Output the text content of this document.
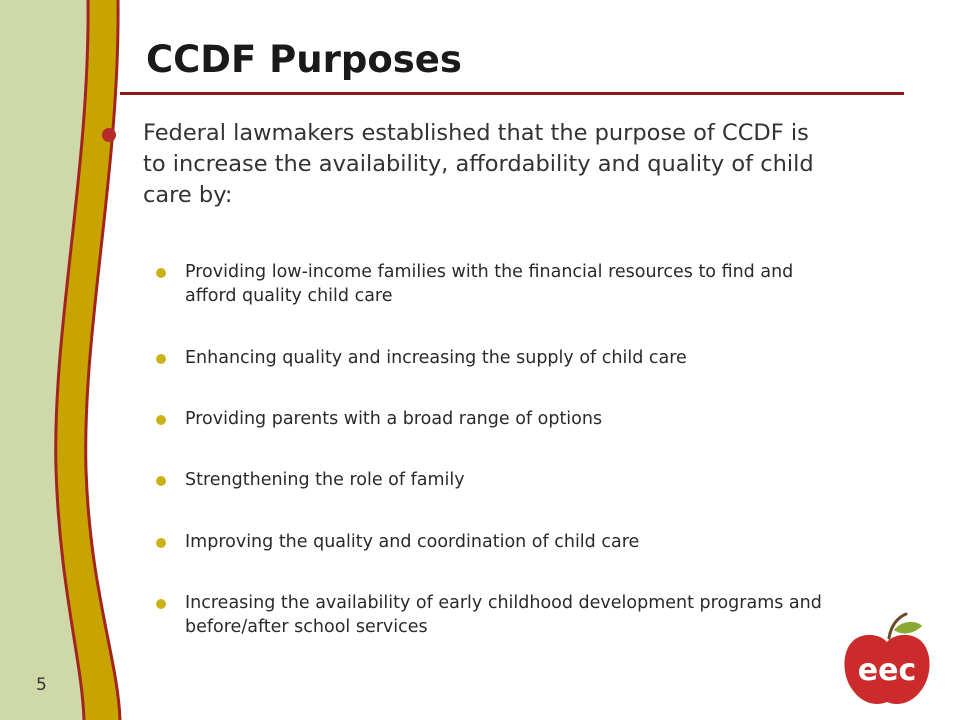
CCDF Purposes
Federal lawmakers established that the purpose of CCDF is to increase the availability, affordability and quality of child care by:
Providing low-income families with the financial resources to find and afford quality child care
Enhancing quality and increasing the supply of child care
Providing parents with a broad range of options
Strengthening the role of family
Improving the quality and coordination of child care
Increasing the availability of early childhood development programs and before/after school services
5	eec
